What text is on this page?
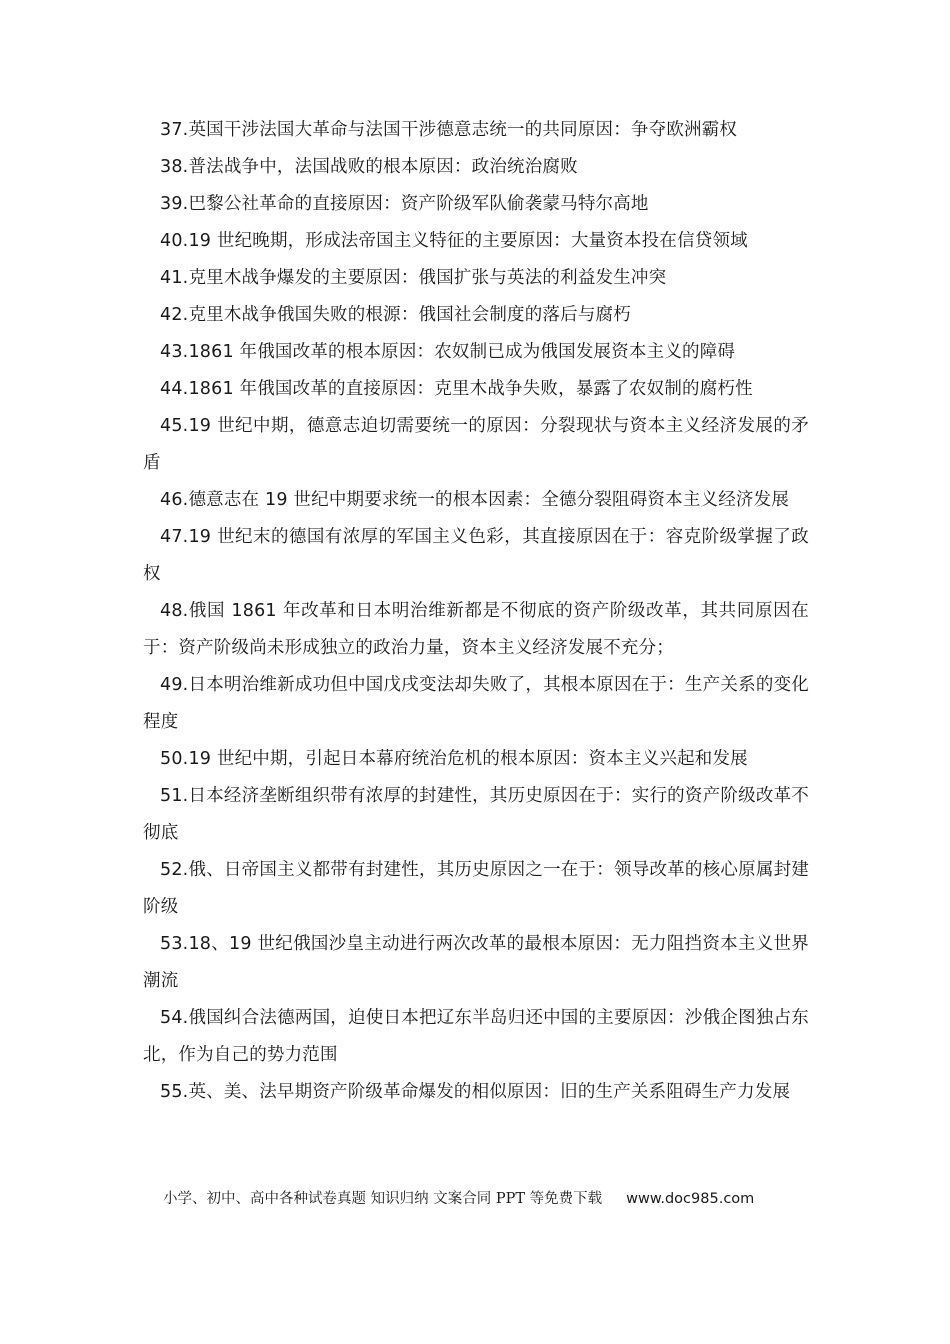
37.英国干涉法国大革命与法国干涉德意志统一的共同原因：争夺欧洲霸权

38.普法战争中，法国战败的根本原因：政治统治腐败

39.巴黎公社革命的直接原因：资产阶级军队偷袭蒙马特尔高地

40.19 世纪晚期，形成法帝国主义特征的主要原因：大量资本投在信贷领域

41.克里木战争爆发的主要原因：俄国扩张与英法的利益发生冲突

42.克里木战争俄国失败的根源：俄国社会制度的落后与腐朽

43.1861 年俄国改革的根本原因：农奴制已成为俄国发展资本主义的障碍

44.1861 年俄国改革的直接原因：克里木战争失败，暴露了农奴制的腐朽性

45.19 世纪中期，德意志迫切需要统一的原因：分裂现状与资本主义经济发展的矛盾

46.德意志在 19 世纪中期要求统一的根本因素：全德分裂阻碍资本主义经济发展

47.19 世纪末的德国有浓厚的军国主义色彩，其直接原因在于：容克阶级掌握了政权

48.俄国 1861 年改革和日本明治维新都是不彻底的资产阶级改革，其共同原因在于：资产阶级尚未形成独立的政治力量，资本主义经济发展不充分；

49.日本明治维新成功但中国戊戌变法却失败了，其根本原因在于：生产关系的变化程度

50.19 世纪中期，引起日本幕府统治危机的根本原因：资本主义兴起和发展

51.日本经济垄断组织带有浓厚的封建性，其历史原因在于：实行的资产阶级改革不彻底

52.俄、日帝国主义都带有封建性，其历史原因之一在于：领导改革的核心原属封建阶级

53.18、19 世纪俄国沙皇主动进行两次改革的最根本原因：无力阻挡资本主义世界潮流

54.俄国纠合法德两国，迫使日本把辽东半岛归还中国的主要原因：沙俄企图独占东北，作为自己的势力范围

55.英、美、法早期资产阶级革命爆发的相似原因：旧的生产关系阻碍生产力发展

小学、初中、高中各种试卷真题 知识归纳 文案合同 PPT 等免费下载 www.doc985.com
